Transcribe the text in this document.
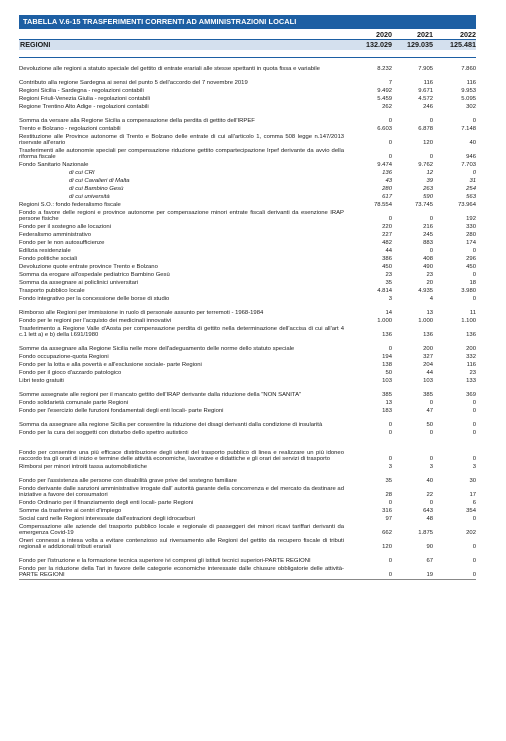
TABELLA V.6-15 TRASFERIMENTI CORRENTI AD AMMINISTRAZIONI LOCALI
2020	2021	2022
REGIONI	132.029	129.035	125.481
Devoluzione alle regioni a statuto speciale del gettito di entrate erariali alle stesse spettanti in quota fissa e variabile	8.232	7.905	7.860
Contributo alla regione Sardegna ai sensi del punto 5 dell'accordo del 7 novembre 2019	7	116	116
Regioni Sicilia - Sardegna - regolazioni contabili	9.492	9.671	9.953
Regioni Friuli-Venezia Giulia - regolazioni contabili	5.459	4.572	5.095
Regione Trentino Alto Adige - regolazioni contabili	262	246	302
Somma da versare alla Regione Sicilia a compensazione della perdita di gettito dell'IRPEF	0	0	0
Trento e Bolzano - regolazioni contabili	6.603	6.878	7.148
Restituzione alle Province autonome di Trento e Bolzano delle entrate di cui all'articolo 1, comma 508 legge n.147/2013 riservate all'erario	0	120	40
Trasferimenti alle autonomie speciali per compensazione riduzione gettito compartecipazione Irpef derivante da avvio della riforma fiscale	0	0	946
Fondo Sanitario Nazionale	9.474	9.762	7.703
di cui CRI	136	12	0
di cui Cavalieri di Malta	43	39	31
di cui Bambino Gesù	280	263	254
di cui università	617	590	563
Regioni S.O.: fondo federalismo fiscale	78.554	73.745	73.964
Fondo a favore delle regioni e province autonome per compensazione minori entrate fiscali derivanti da esenzione IRAP persone fisiche	0	0	192
Fondo per il sostegno alle locazioni	220	216	330
Federalismo amministrativo	227	245	280
Fondo per le non autosufficienze	482	883	174
Edilizia residenziale	44	0	0
Fondo politiche sociali	386	408	296
Devoluzione quote entrate province Trento e Bolzano	450	490	450
Somma da erogare all'ospedale pediatrico Bambino Gesù	23	23	0
Somma da assegnare ai policlinici universitari	35	20	18
Trasporto pubblico locale	4.814	4.935	3.980
Fondo integrativo per la concessione delle borse di studio	3	4	0
Rimborso alle Regioni per immissione in ruolo di personale assunto per terremoti - 1968-1984	14	13	11
Fondo per le regioni per l'acquisto dei medicinali innovativi	1.000	1.000	1.100
Trasferimento a Regione Valle d'Aosta per compensazione perdita di gettito nella determinazione dell'accisa di cui all'art 4 c.1 lett a) e b) della l.691/1980	136	136	136
Somme da assegnare alla Regione Sicilia nelle more dell'adeguamento delle norme dello statuto speciale	0	200	200
Fondo occupazione-quota Regioni	194	327	332
Fondo per la lotta e alla povertà e all'esclusione sociale- parte Regioni	138	204	116
Fondo per il gioco d'azzardo patologico	50	44	23
Libri testo gratuiti	103	103	133
Somme assegnate alle regioni per il mancato gettito dell'IRAP derivante dalla riduzione della "NON SANITA"	385	385	369
Fondo solidarietà comunale parte Regioni	13	0	0
Fondo per l'esercizio delle funzioni fondamentali degli enti locali- parte Regioni	183	47	0
Somma da assegnare alla regione Sicilia per consentire la riduzione dei disagi derivanti dalla condizione di insularità	0	50	0
Fondo per la cura dei soggetti con disturbo dello spettro autistico	0	0	0
Fondo per consentire una più efficace distribuzione degli utenti del trasporto pubblico di linea e realizzare un più idoneo raccordo tra gli orari di inizio e termine delle attività economiche, lavorative e didattiche e gli orari dei servizi di trasporto	0	0	0
Rimborsi per minori introiti tassa automobilistiche	3	3	3
Fondo per l'assistenza alle persone con disabilità grave prive del sostegno familiare	35	40	30
Fondo derivante dalle sanzioni amministrative irrogate dall' autorità garante della concorrenza e del mercato da destinare ad iniziative a favore dei consumatori	28	22	17
Fondo Ordinario per il finanziamento degli enti locali- parte Regioni	0	0	6
Somme da trasferire ai centri d'impiego	316	643	354
Social card nelle Regioni interessate dall'estrazioni degli idrocarburi	97	48	0
Compensazione alle aziende del trasporto pubblico locale e regionale di passeggeri dei minori ricavi tariffari derivanti da emergenza Covid-19	662	1.875	202
Oneri connessi a intesa volta a evitare contenzioso sul riversamento alle Regioni del gettito da recupero fiscale di tributi regionali e addizionali tributi erariali	120	90	0
Fondo per l'istruzione e la formazione tecnica superiore ivi compresi gli istituti tecnici superiori-PARTE REGIONI	0	67	0
Fondo per la riduzione della Tari in favore delle categorie economiche interessate dalle chiusure obbligatorie delle attività-PARTE REGIONI	0	19	0
